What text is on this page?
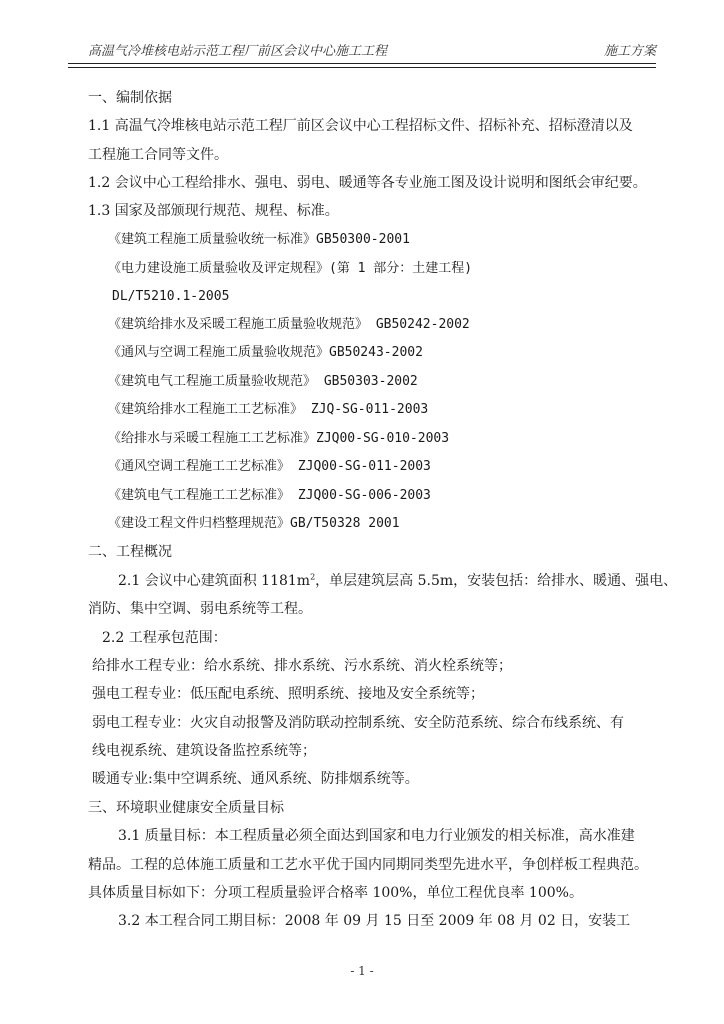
高温气冷堆核电站示范工程厂前区会议中心施工工程	施工方案
一、编制依据
1.1 高温气冷堆核电站示范工程厂前区会议中心工程招标文件、招标补充、招标澄清以及
工程施工合同等文件。
1.2 会议中心工程给排水、强电、弱电、暖通等各专业施工图及设计说明和图纸会审纪要。
1.3 国家及部颁现行规范、规程、标准。
《建筑工程施工质量验收统一标准》GB50300-2001
《电力建设施工质量验收及评定规程》(第 1 部分：土建工程)
DL/T5210.1-2005
《建筑给排水及采暖工程施工质量验收规范》 GB50242-2002
《通风与空调工程施工质量验收规范》GB50243-2002
《建筑电气工程施工质量验收规范》 GB50303-2002
《建筑给排水工程施工工艺标准》 ZJQ-SG-011-2003
《给排水与采暖工程施工工艺标准》ZJQ00-SG-010-2003
《通风空调工程施工工艺标准》 ZJQ00-SG-011-2003
《建筑电气工程施工工艺标准》 ZJQ00-SG-006-2003
《建设工程文件归档整理规范》GB/T50328 2001
二、工程概况
2.1 会议中心建筑面积 $1181m^2$，单层建筑层高 5.5m，安装包括：给排水、暖通、强电、
消防、集中空调、弱电系统等工程。
2.2 工程承包范围：
给排水工程专业：给水系统、排水系统、污水系统、消火栓系统等；
强电工程专业：低压配电系统、照明系统、接地及安全系统等；
弱电工程专业：火灾自动报警及消防联动控制系统、安全防范系统、综合布线系统、有
线电视系统、建筑设备监控系统等；
暖通专业:集中空调系统、通风系统、防排烟系统等。
三、环境职业健康安全质量目标
3.1 质量目标：本工程质量必须全面达到国家和电力行业颁发的相关标准，高水准建
精品。工程的总体施工质量和工艺水平优于国内同期同类型先进水平，争创样板工程典范。
具体质量目标如下：分项工程质量验评合格率 100%，单位工程优良率 100%。
3.2 本工程合同工期目标：2008 年 09 月 15 日至 2009 年 08 月 02 日，安装工
- 1 -
